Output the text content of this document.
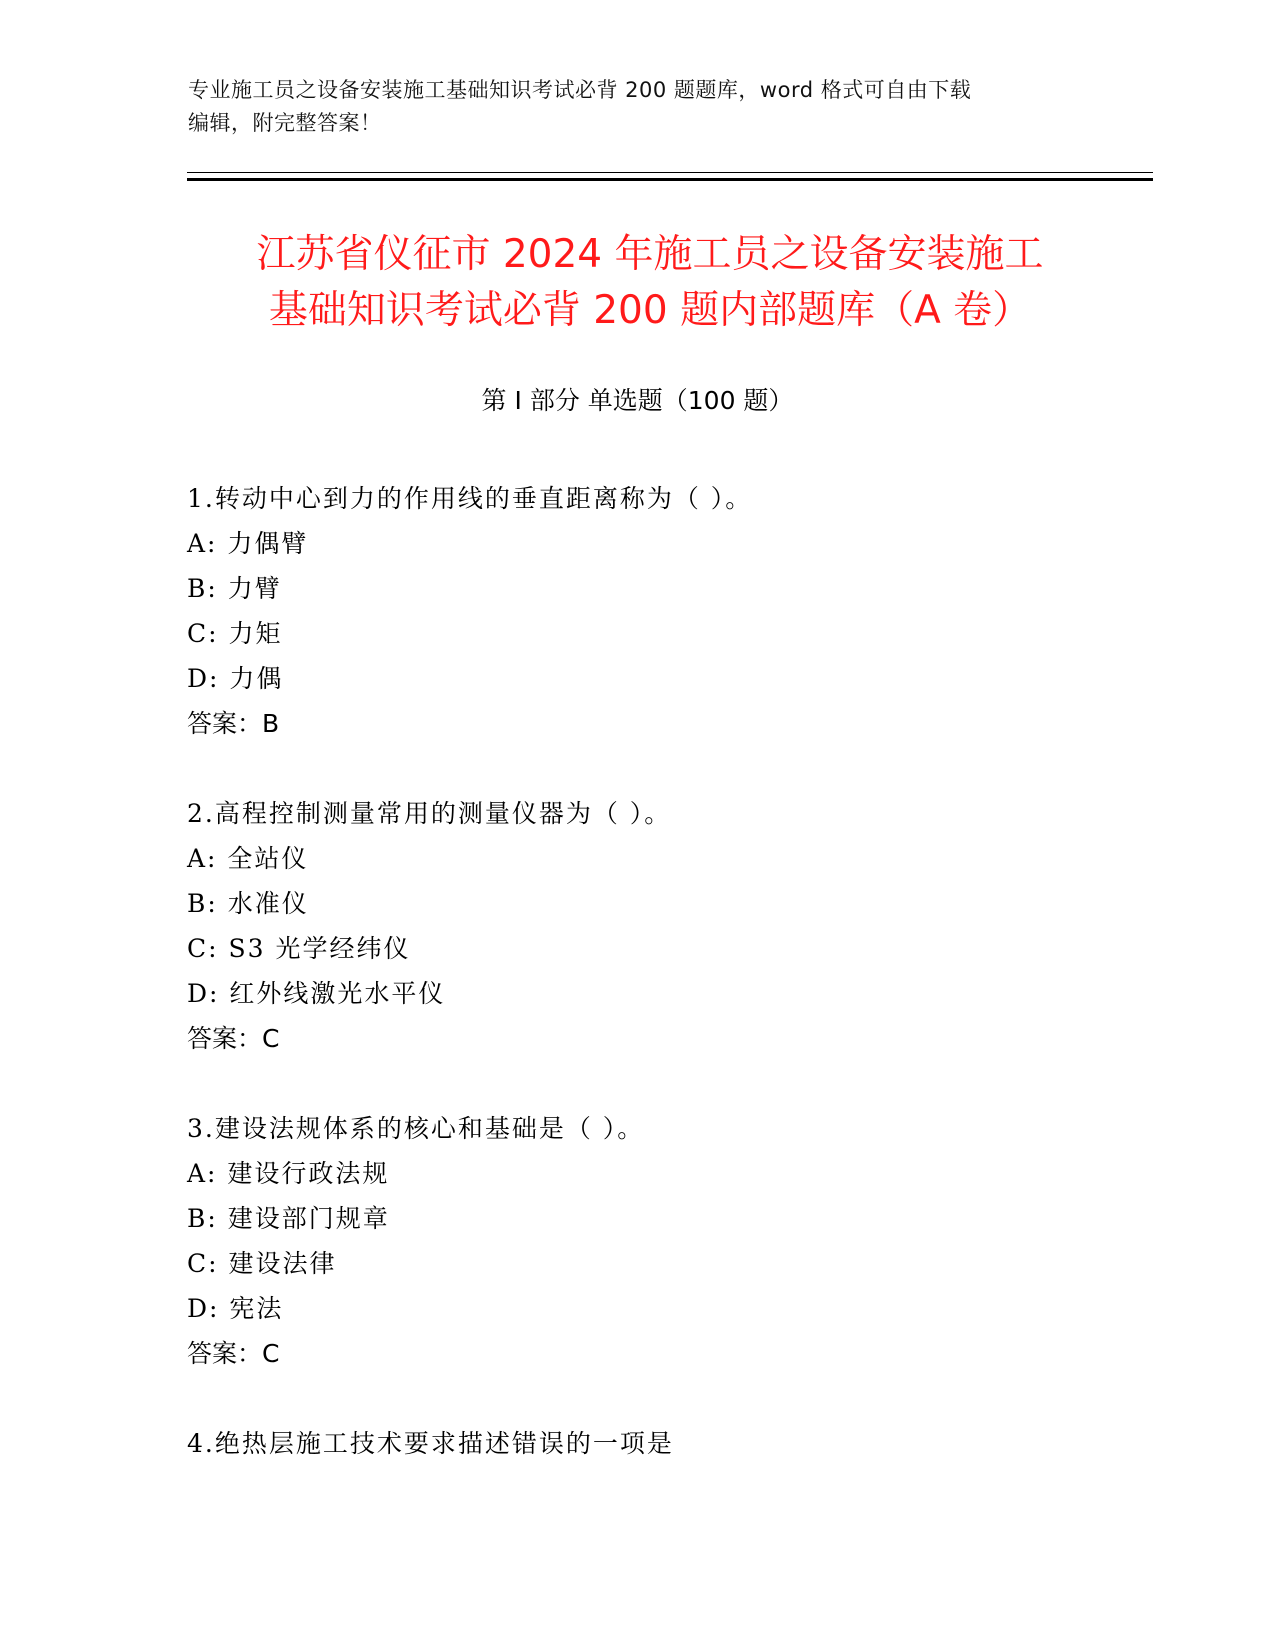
专业施工员之设备安装施工基础知识考试必背 200 题题库，word 格式可自由下载
编辑，附完整答案！
江苏省仪征市 2024 年施工员之设备安装施工
基础知识考试必背 200 题内部题库（A 卷）
第 I 部分 单选题（100 题）
1.转动中心到力的作用线的垂直距离称为（ ）。
A: 力偶臂
B: 力臂
C: 力矩
D: 力偶
答案：B
2.高程控制测量常用的测量仪器为（ ）。
A: 全站仪
B: 水准仪
C: S3 光学经纬仪
D: 红外线激光水平仪
答案：C
3.建设法规体系的核心和基础是（ ）。
A: 建设行政法规
B: 建设部门规章
C: 建设法律
D: 宪法
答案：C
4.绝热层施工技术要求描述错误的一项是
